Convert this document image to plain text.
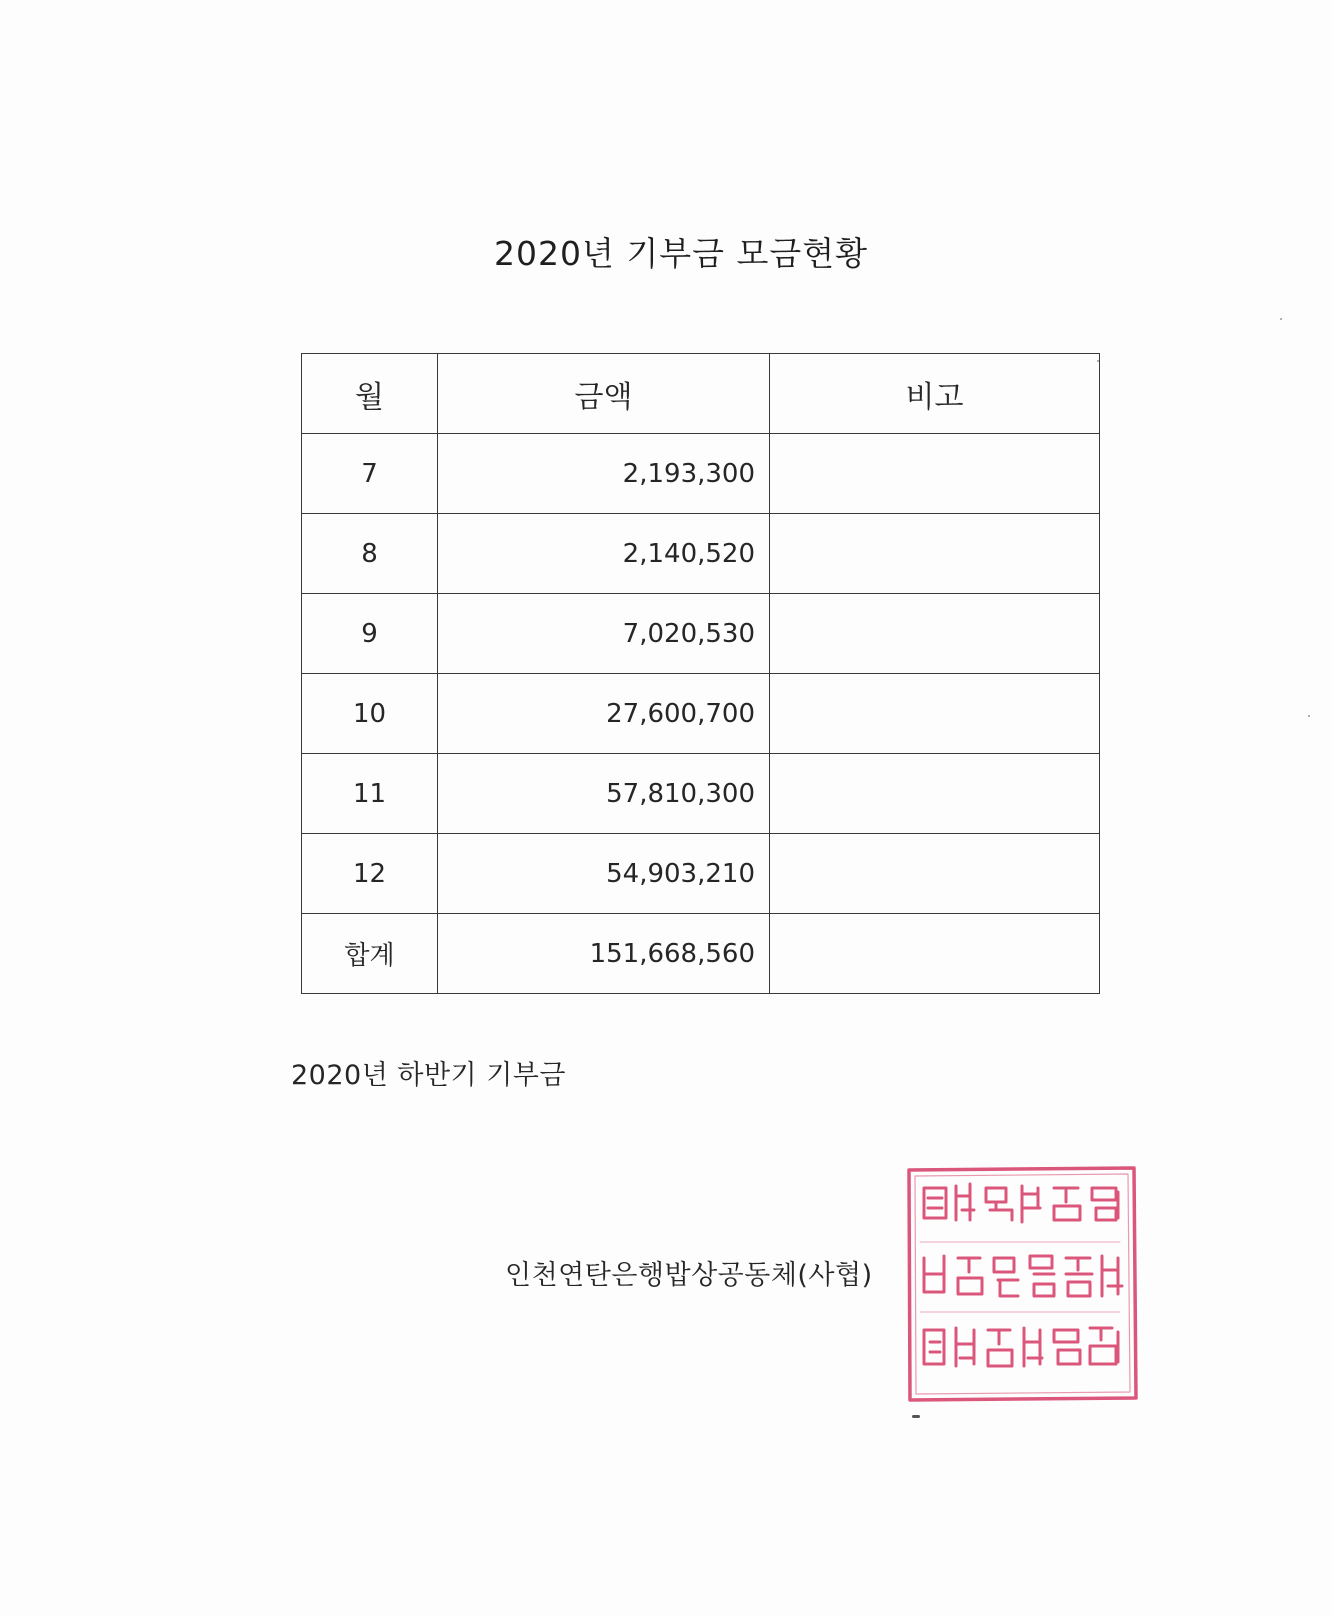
2020년 기부금 모금현황
월	금액	비고
7	2,193,300	
8	2,140,520	
9	7,020,530	
10	27,600,700	
11	57,810,300	
12	54,903,210	
합계	151,668,560	
2020년 하반기 기부금
인천연탄은행밥상공동체(사협)
